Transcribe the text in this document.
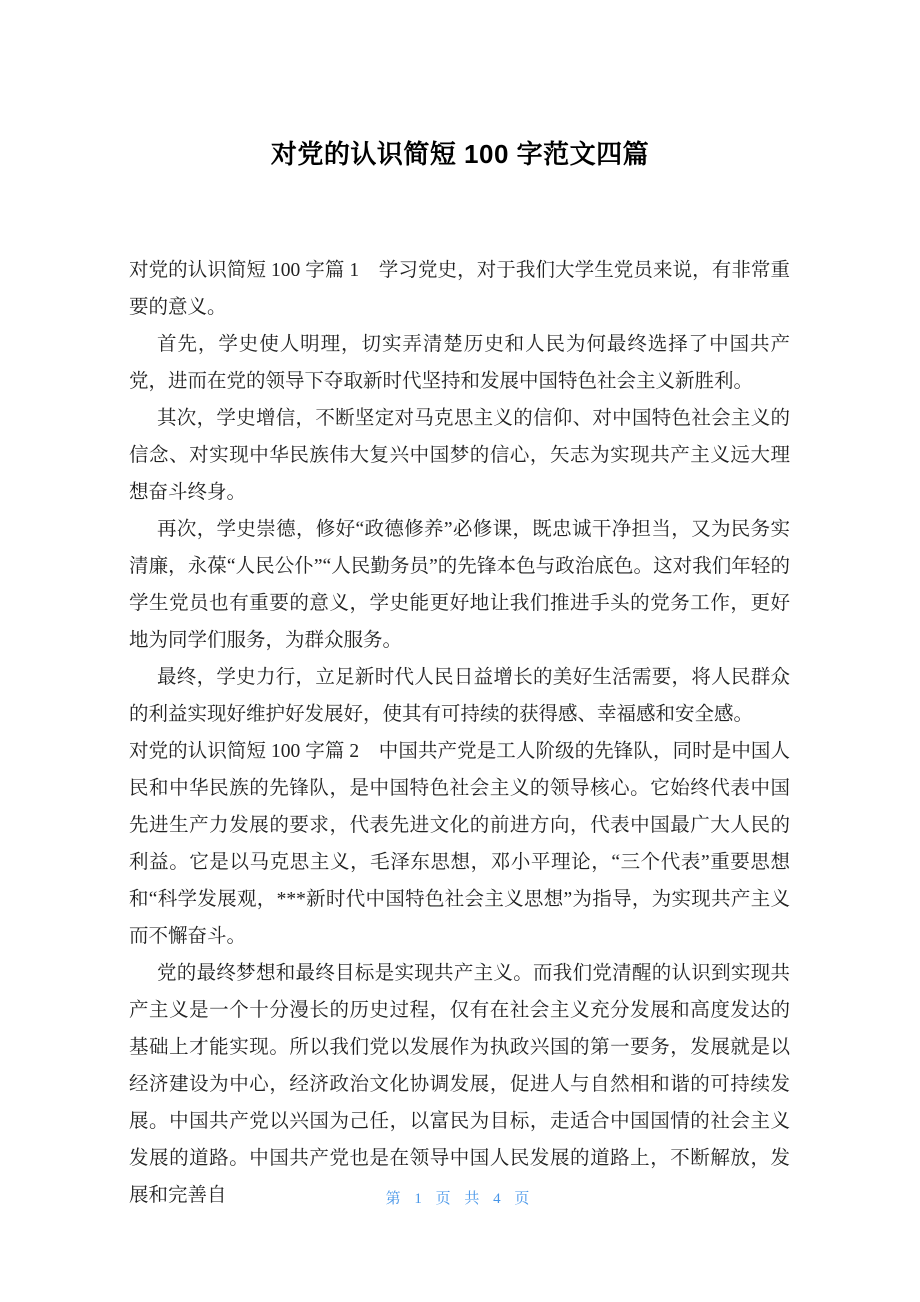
对党的认识简短 100 字范文四篇

对党的认识简短 100 字篇 1　学习党史，对于我们大学生党员来说，有非常重要的意义。

首先，学史使人明理，切实弄清楚历史和人民为何最终选择了中国共产党，进而在党的领导下夺取新时代坚持和发展中国特色社会主义新胜利。

其次，学史增信，不断坚定对马克思主义的信仰、对中国特色社会主义的信念、对实现中华民族伟大复兴中国梦的信心，矢志为实现共产主义远大理想奋斗终身。

再次，学史崇德，修好“政德修养”必修课，既忠诚干净担当，又为民务实清廉，永葆“人民公仆”“人民勤务员”的先锋本色与政治底色。这对我们年轻的学生党员也有重要的意义，学史能更好地让我们推进手头的党务工作，更好地为同学们服务，为群众服务。

最终，学史力行，立足新时代人民日益增长的美好生活需要，将人民群众的利益实现好维护好发展好，使其有可持续的获得感、幸福感和安全感。

对党的认识简短 100 字篇 2　中国共产党是工人阶级的先锋队，同时是中国人民和中华民族的先锋队，是中国特色社会主义的领导核心。它始终代表中国先进生产力发展的要求，代表先进文化的前进方向，代表中国最广大人民的利益。它是以马克思主义，毛泽东思想，邓小平理论，“三个代表”重要思想和“科学发展观，***新时代中国特色社会主义思想”为指导，为实现共产主义而不懈奋斗。

党的最终梦想和最终目标是实现共产主义。而我们党清醒的认识到实现共产主义是一个十分漫长的历史过程，仅有在社会主义充分发展和高度发达的基础上才能实现。所以我们党以发展作为执政兴国的第一要务，发展就是以经济建设为中心，经济政治文化协调发展，促进人与自然相和谐的可持续发展。中国共产党以兴国为己任，以富民为目标，走适合中国国情的社会主义发展的道路。中国共产党也是在领导中国人民发展的道路上，不断解放，发展和完善自	第 1 页 共 4 页
